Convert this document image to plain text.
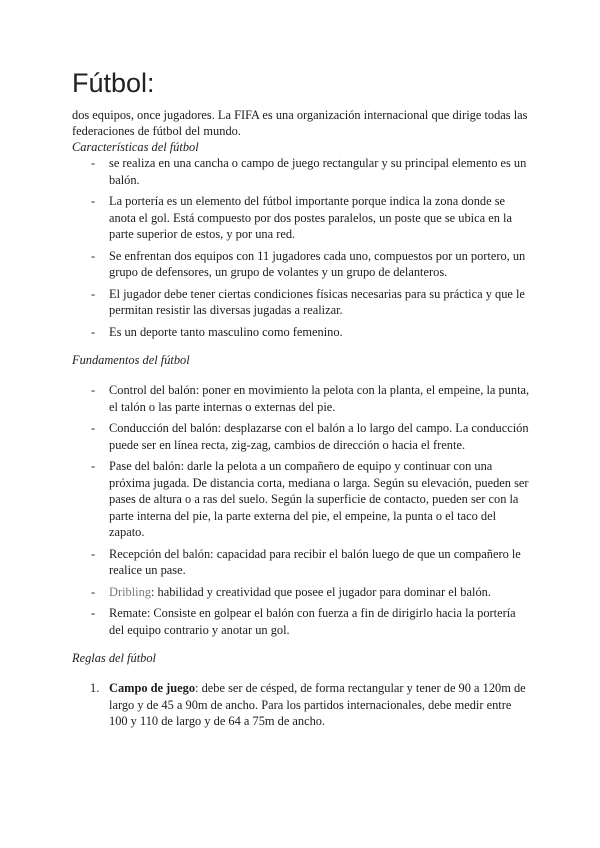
Fútbol:

dos equipos, once jugadores. La FIFA es una organización internacional que dirige todas las federaciones de fútbol del mundo.

Características del fútbol

- se realiza en una cancha o campo de juego rectangular y su principal elemento es un balón.
- La portería es un elemento del fútbol importante porque indica la zona donde se anota el gol. Está compuesto por dos postes paralelos, un poste que se ubica en la parte superior de estos, y por una red.
- Se enfrentan dos equipos con 11 jugadores cada uno, compuestos por un portero, un grupo de defensores, un grupo de volantes y un grupo de delanteros.
- El jugador debe tener ciertas condiciones físicas necesarias para su práctica y que le permitan resistir las diversas jugadas a realizar.
- Es un deporte tanto masculino como femenino.

Fundamentos del fútbol

- Control del balón: poner en movimiento la pelota con la planta, el empeine, la punta, el talón o las parte internas o externas del pie.
- Conducción del balón: desplazarse con el balón a lo largo del campo. La conducción puede ser en línea recta, zig-zag, cambios de dirección o hacia el frente.
- Pase del balón: darle la pelota a un compañero de equipo y continuar con una próxima jugada. De distancia corta, mediana o larga. Según su elevación, pueden ser pases de altura o a ras del suelo. Según la superficie de contacto, pueden ser con la parte interna del pie, la parte externa del pie, el empeine, la punta o el taco del zapato.
- Recepción del balón: capacidad para recibir el balón luego de que un compañero le realice un pase.
- Dribling: habilidad y creatividad que posee el jugador para dominar el balón.
- Remate: Consiste en golpear el balón con fuerza a fin de dirigirlo hacia la portería del equipo contrario y anotar un gol.

Reglas del fútbol

1. Campo de juego: debe ser de césped, de forma rectangular y tener de 90 a 120m de largo y de 45 a 90m de ancho. Para los partidos internacionales, debe medir entre 100 y 110 de largo y de 64 a 75m de ancho.
